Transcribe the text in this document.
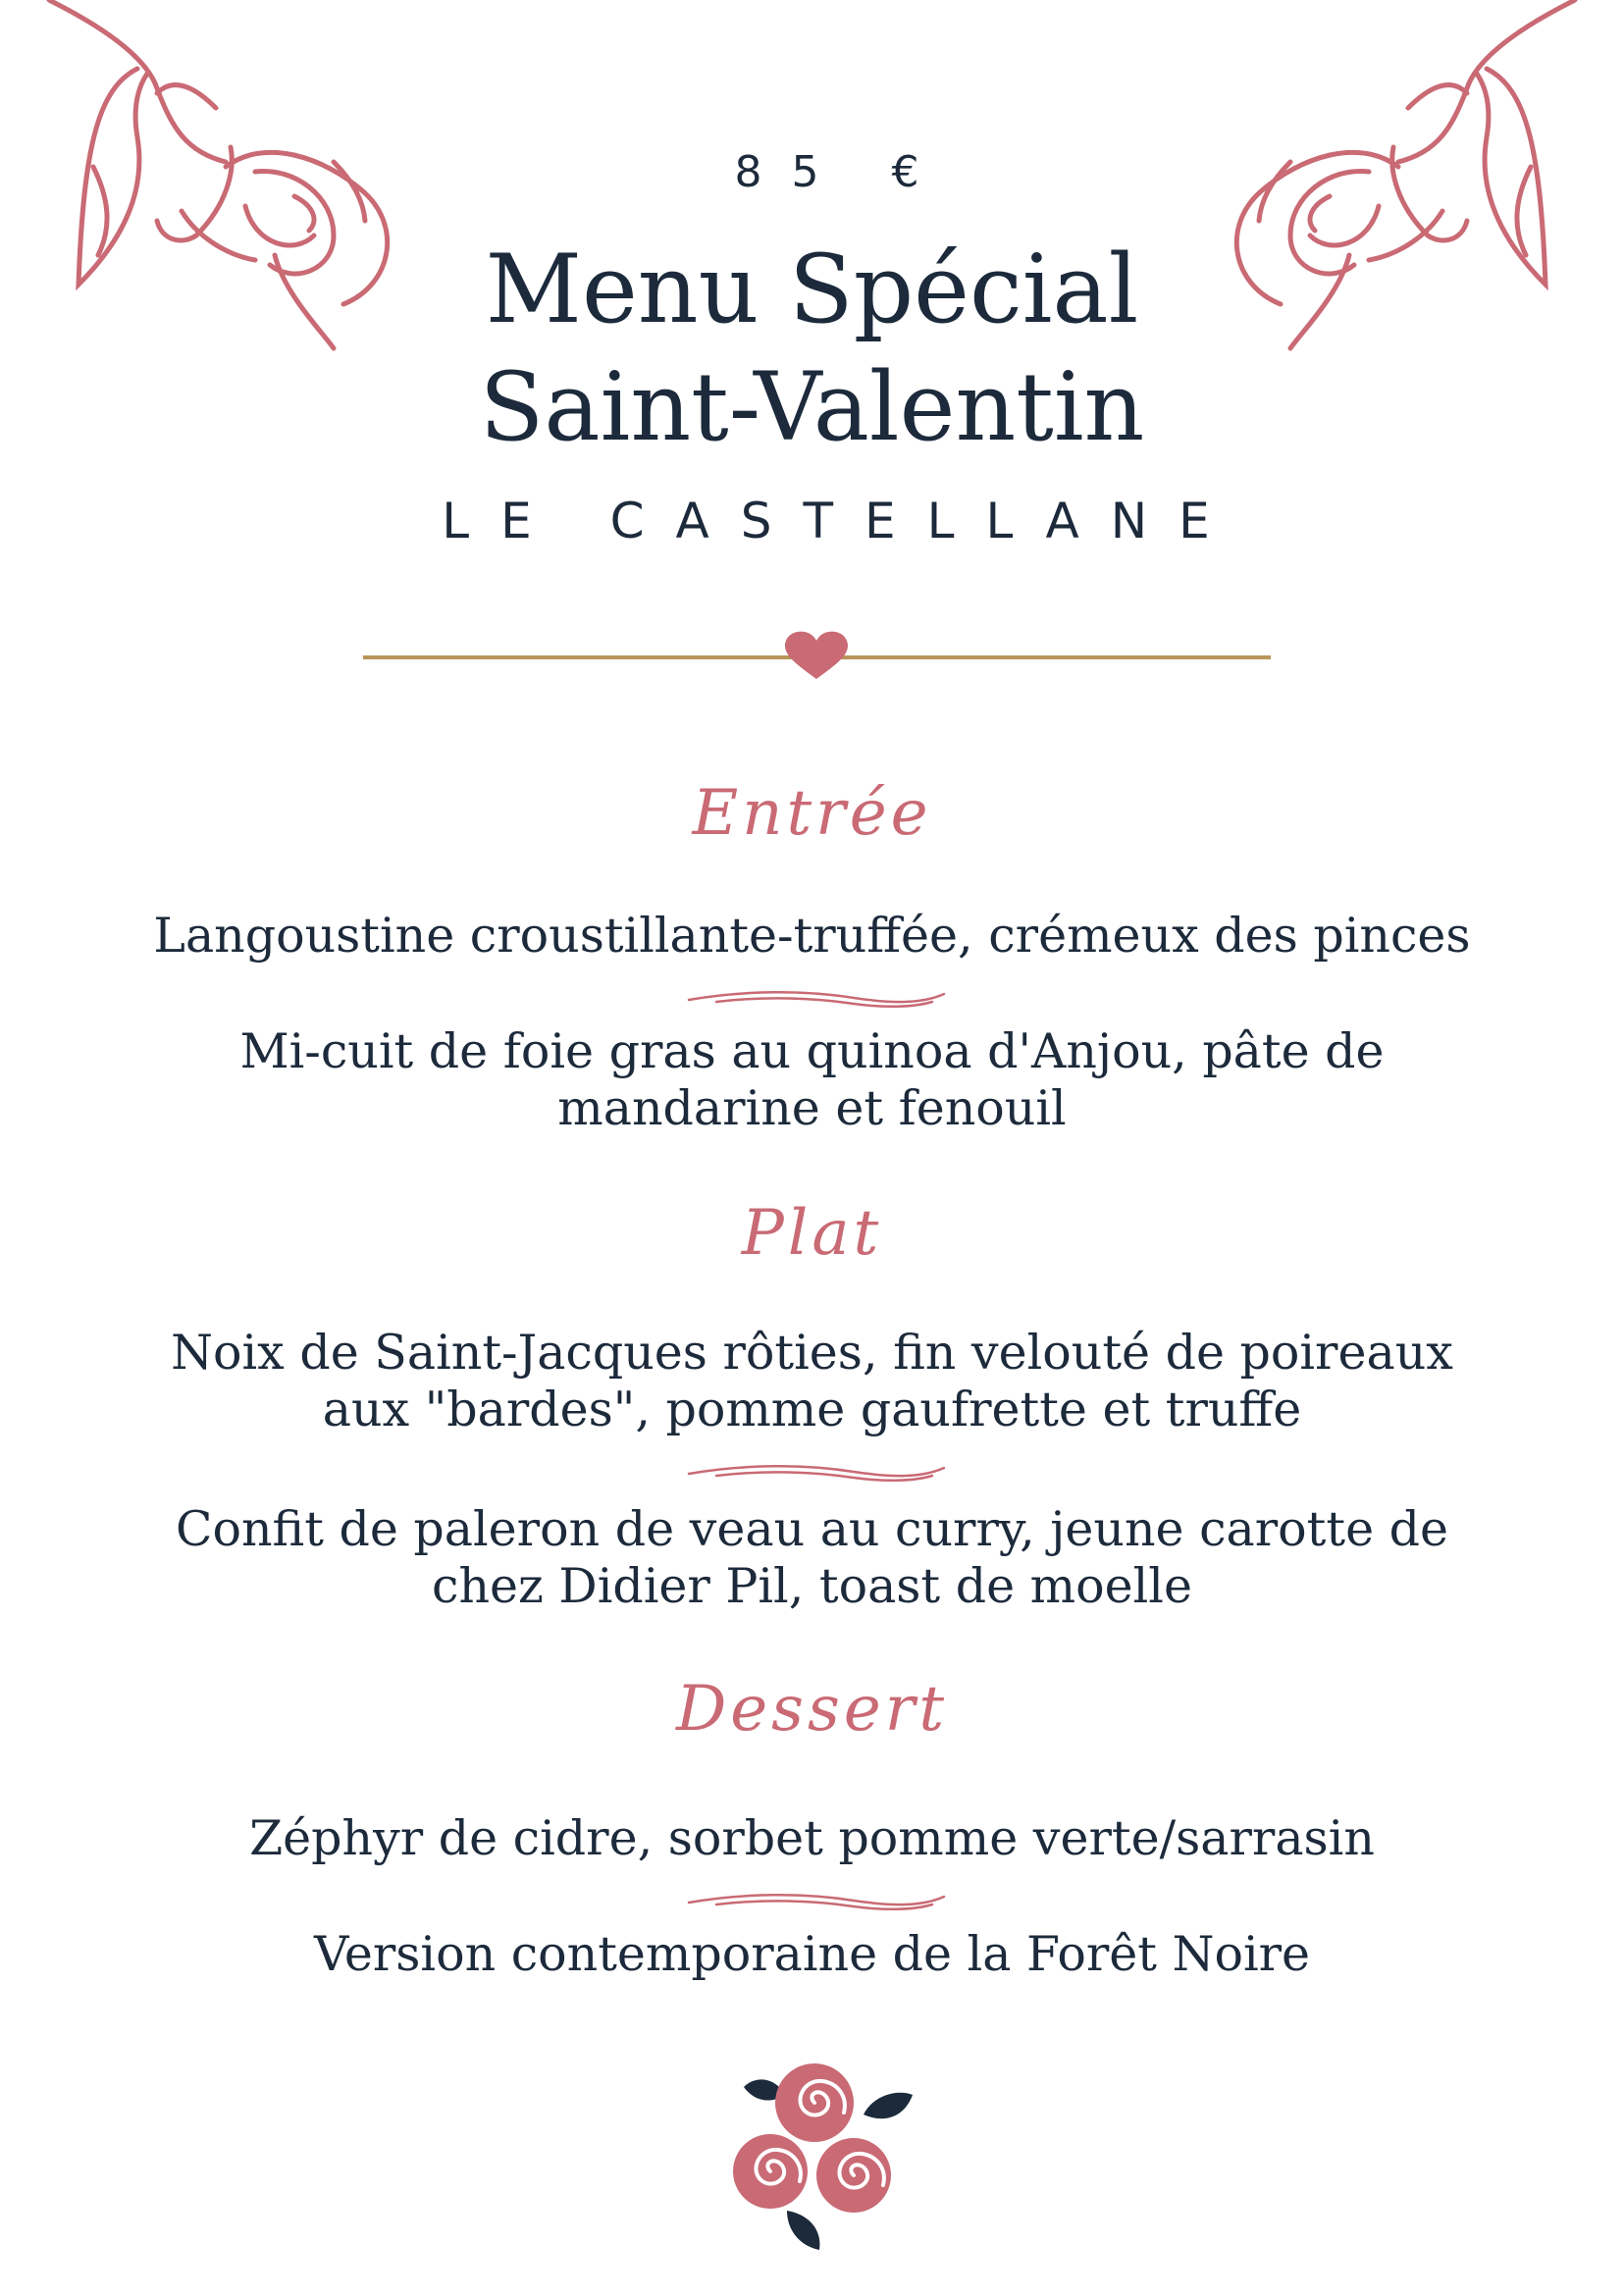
85 €
Menu Spécial
Saint-Valentin
LE CASTELLANE
Entrée
Langoustine croustillante-truffée, crémeux des pinces
Mi-cuit de foie gras au quinoa d'Anjou, pâte de mandarine et fenouil
Plat
Noix de Saint-Jacques rôties, fin velouté de poireaux aux "bardes", pomme gaufrette et truffe
Confit de paleron de veau au curry, jeune carotte de chez Didier Pil, toast de moelle
Dessert
Zéphyr de cidre, sorbet pomme verte/sarrasin
Version contemporaine de la Forêt Noire
